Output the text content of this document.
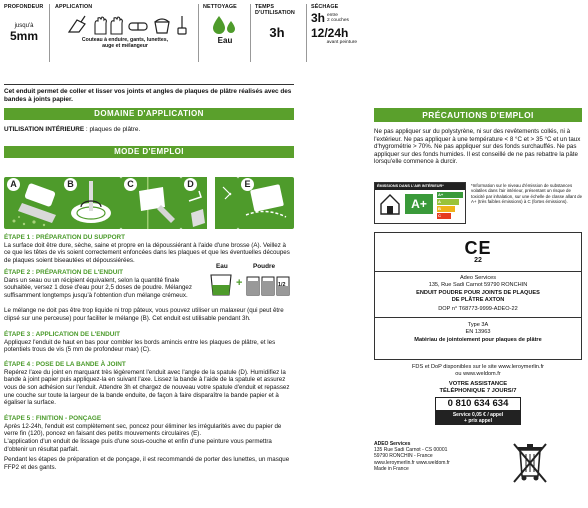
PROFONDEUR
jusqu'à
5mm
APPLICATION
Couteau à enduire, gants, lunettes,
auge et mélangeur
NETTOYAGE
Eau
TEMPS
D'UTILISATION
3h
SÉCHAGE
3h entre
2 couches
12/24h
avant peinture
Cet enduit permet de coller et lisser vos joints et angles de plaques de plâtre réalisés avec des bandes à joints papier.
DOMAINE D'APPLICATION
UTILISATION INTÉRIEURE : plaques de plâtre.
MODE D'EMPLOI
A	B	C	D	E
ÉTAPE 1 : PRÉPARATION DU SUPPORT

La surface doit être dure, sèche, saine et propre en la dépoussiérant à l'aide d'une brosse (A). Veillez à ce que les têtes de vis soient correctement enfoncées dans les plaques et que les éventuelles découpes de plaques soient biseautées et dépoussiérées.

ÉTAPE 2 : PRÉPARATION DE L'ENDUIT

Dans un seau ou un récipient équivalent, selon la quantité finale souhaitée, versez 1 dose d'eau pour 2,5 doses de poudre. Mélangez suffisamment longtemps jusqu'à l'obtention d'un mélange crémeux.

Eau	Poudre
+	1/2

Le mélange ne doit pas être trop liquide ni trop pâteux, vous pouvez utiliser un malaxeur (qui peut être clipsé sur une perceuse) pour faciliter le mélange (B). Cet enduit est utilisable pendant 3h.

ÉTAPE 3 : APPLICATION DE L'ENDUIT

Appliquez l'enduit de haut en bas pour combler les bords amincis entre les plaques de plâtre, et les potentiels trous de vis (5 mm de profondeur max) (C).

ÉTAPE 4 : POSE DE LA BANDE À JOINT

Repérez l'axe du joint en marquant très légèrement l'enduit avec l'angle de la spatule (D). Humidifiez la bande à joint papier puis appliquez-la en suivant l'axe. Lissez la bande à l'aide de la spatule et assurez vous de son adhésion sur l'enduit. Attendre 3h et chargez de nouveau votre spatule d'enduit et repassez une couche sur toute la largeur de la bande enduite, de façon à faire disparaître la bande papier et à égaliser la surface.

ÉTAPE 5 : FINITION - PONÇAGE

Après 12-24h, l'enduit est complètement sec, poncez pour éliminer les irrégularités avec du papier de verre fin (120), poncez en faisant des petits mouvements circulaires (E).

L'application d'un enduit de lissage puis d'une sous-couche et enfin d'une peinture vous permettra d'obtenir un résultat parfait.

Pendant les étapes de préparation et de ponçage, il est recommandé de porter des lunettes, un masque FFP2 et des gants.

PRÉCAUTIONS D'EMPLOI
Ne pas appliquer sur du polystyrène, ni sur des revêtements collés, ni à l'extérieur. Ne pas appliquer à une température < 8 °C et > 35 °C et un taux d'hygrométrie > 70%. Ne pas appliquer sur des fonds surchauffés. Ne pas appliquer sur des fonds humides. Il est conseillé de ne pas rebattre la pâte lorsqu'elle commence à durcir.
ÉMISSIONS DANS L'AIR INTÉRIEUR*
A+
A+
A
B
C
*Information sur le niveau d'émission de substances volatiles dans l'air intérieur, présentant un risque de toxicité par inhalation, sur une échelle de classe allant de A+ (très faibles émissions) à C (fortes émissions).
CE
22
Adeo Services
135, Rue Sadi Carnot 59790 RONCHIN
ENDUIT POUDRE POUR JOINTS DE PLAQUES
DE PLÂTRE AXTON
DOP n° T68773-9999-ADEO-22
Type 3A
EN 13963
Matériau de jointoiement pour plaques de plâtre
FDS et DoP disponibles sur le site www.leroymerlin.fr
ou www.weldom.fr
VOTRE ASSISTANCE
TÉLÉPHONIQUE 7 JOURS/7
0 810 634 634
Service 0,05 € / appel
+ prix appel
ADEO Services
135 Rue Sadi Carnot - CS 00001
59790 RONCHIN - France
www.leroymerlin.fr www.weldom.fr
Made in France
